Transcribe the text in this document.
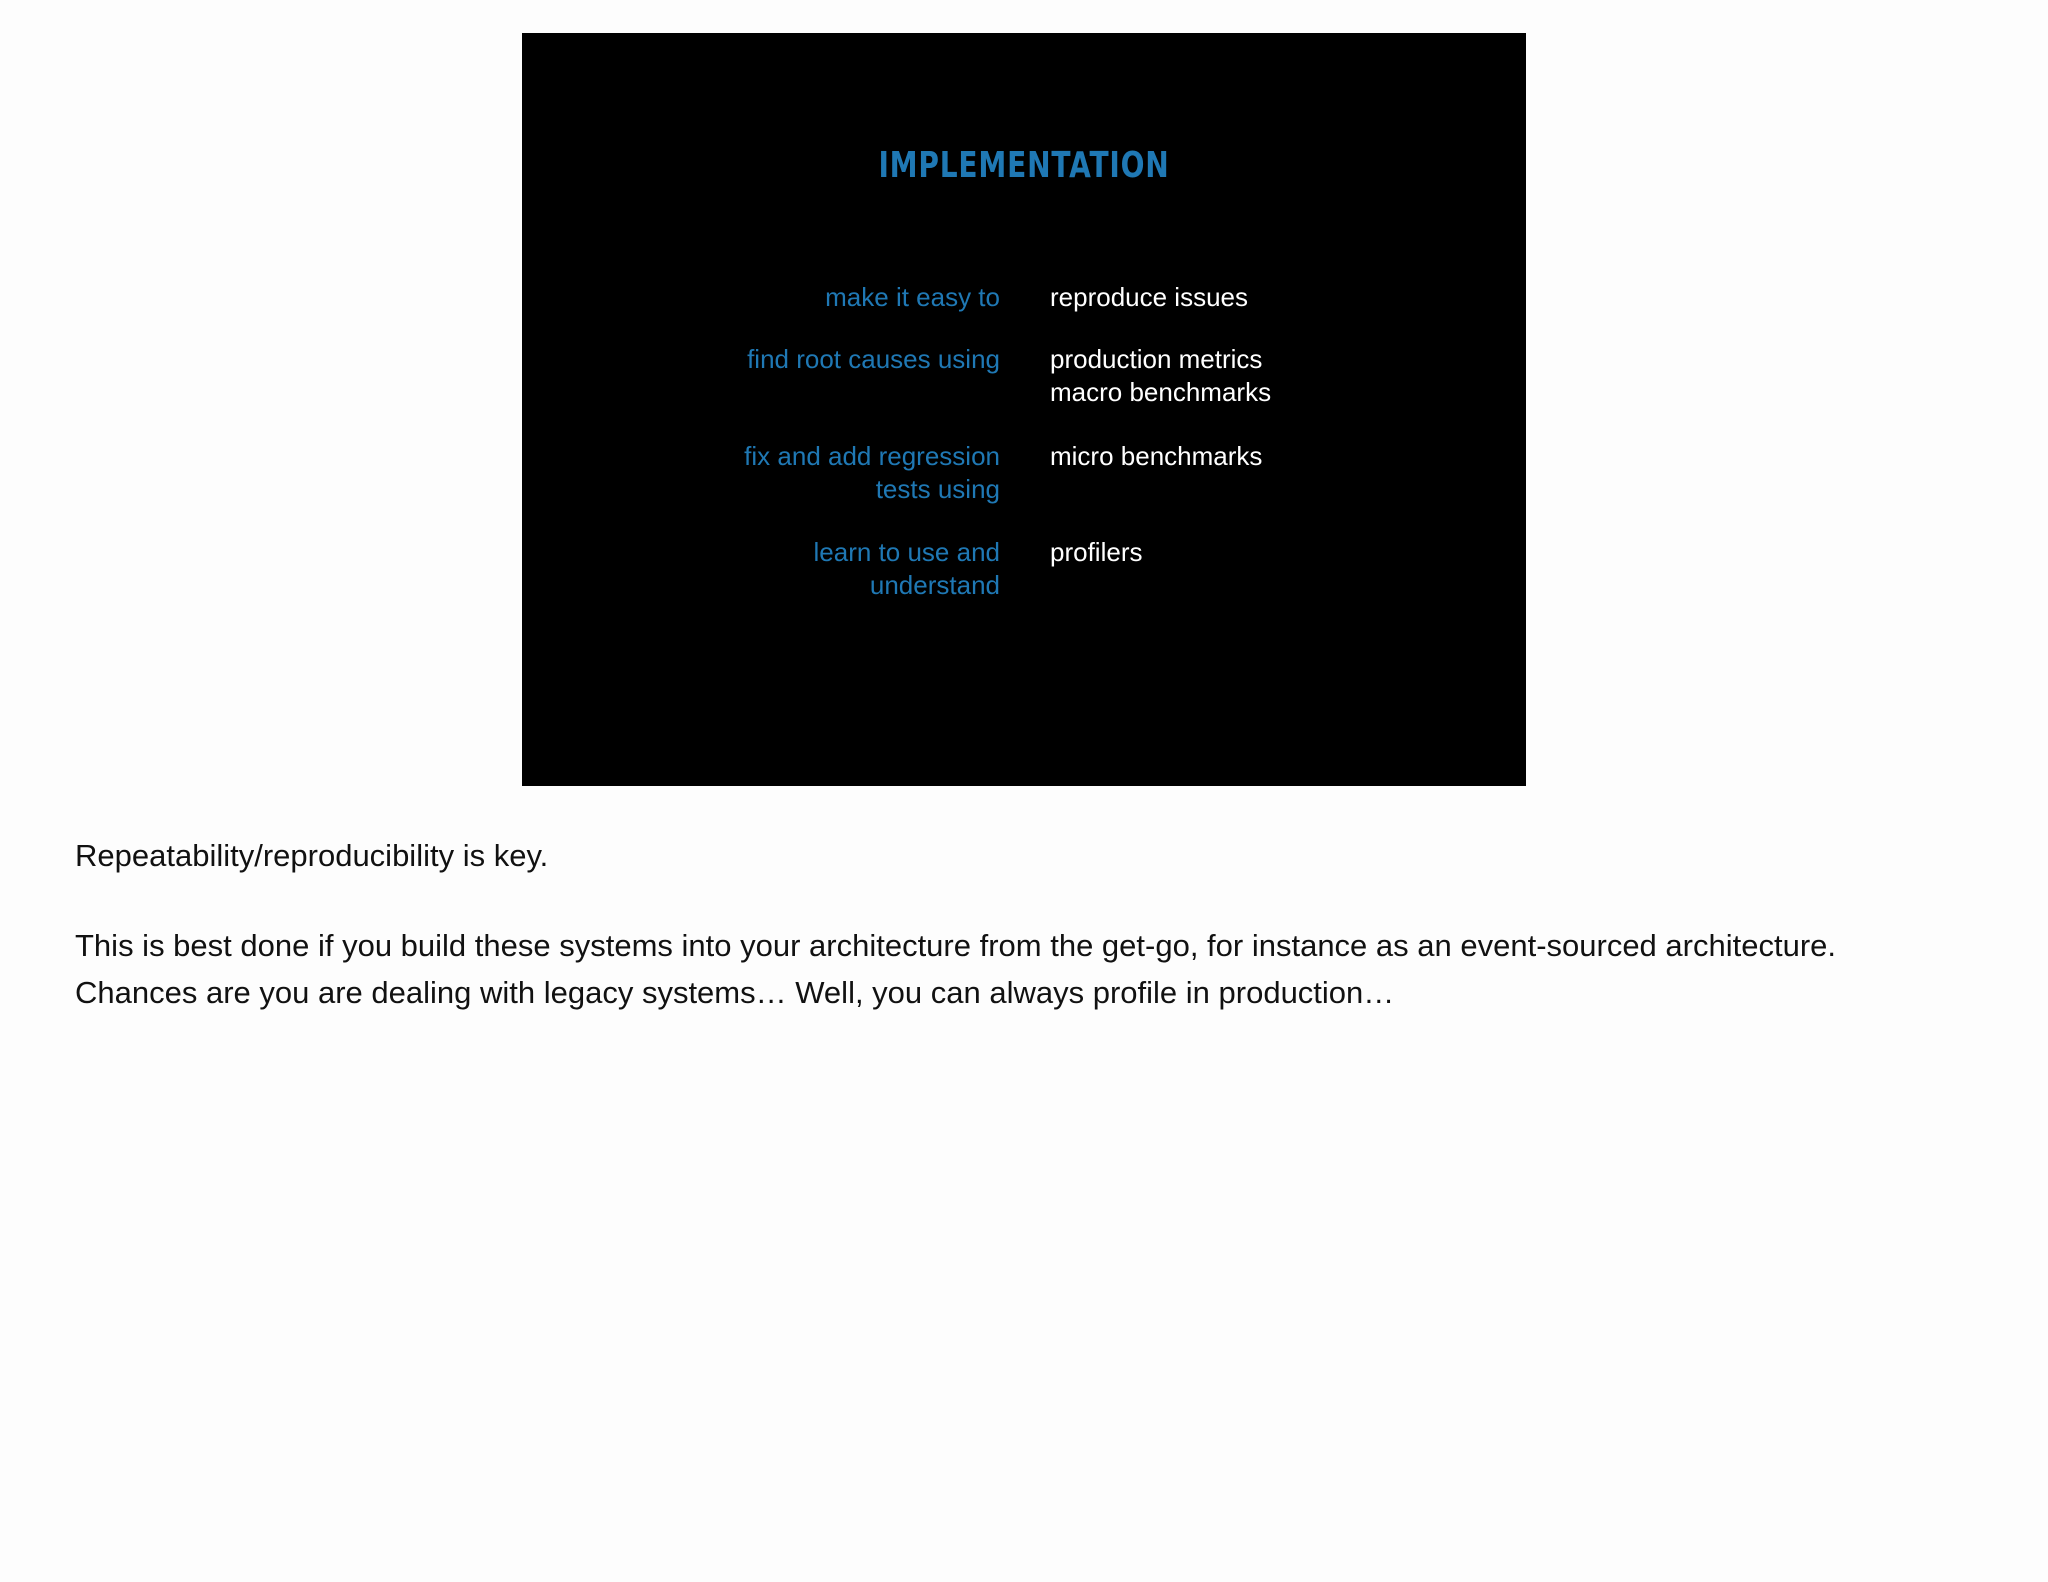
IMPLEMENTATION
make it easy to reproduce issues
find root causes using production metrics
macro benchmarks
fix and add regression
tests using
micro benchmarks
learn to use and
understand
profilers

Repeatability/reproducibility is key.

This is best done if you build these systems into your architecture from the get-go, for instance as an event-sourced architecture.

Chances are you are dealing with legacy systems… Well, you can always profile in production…
